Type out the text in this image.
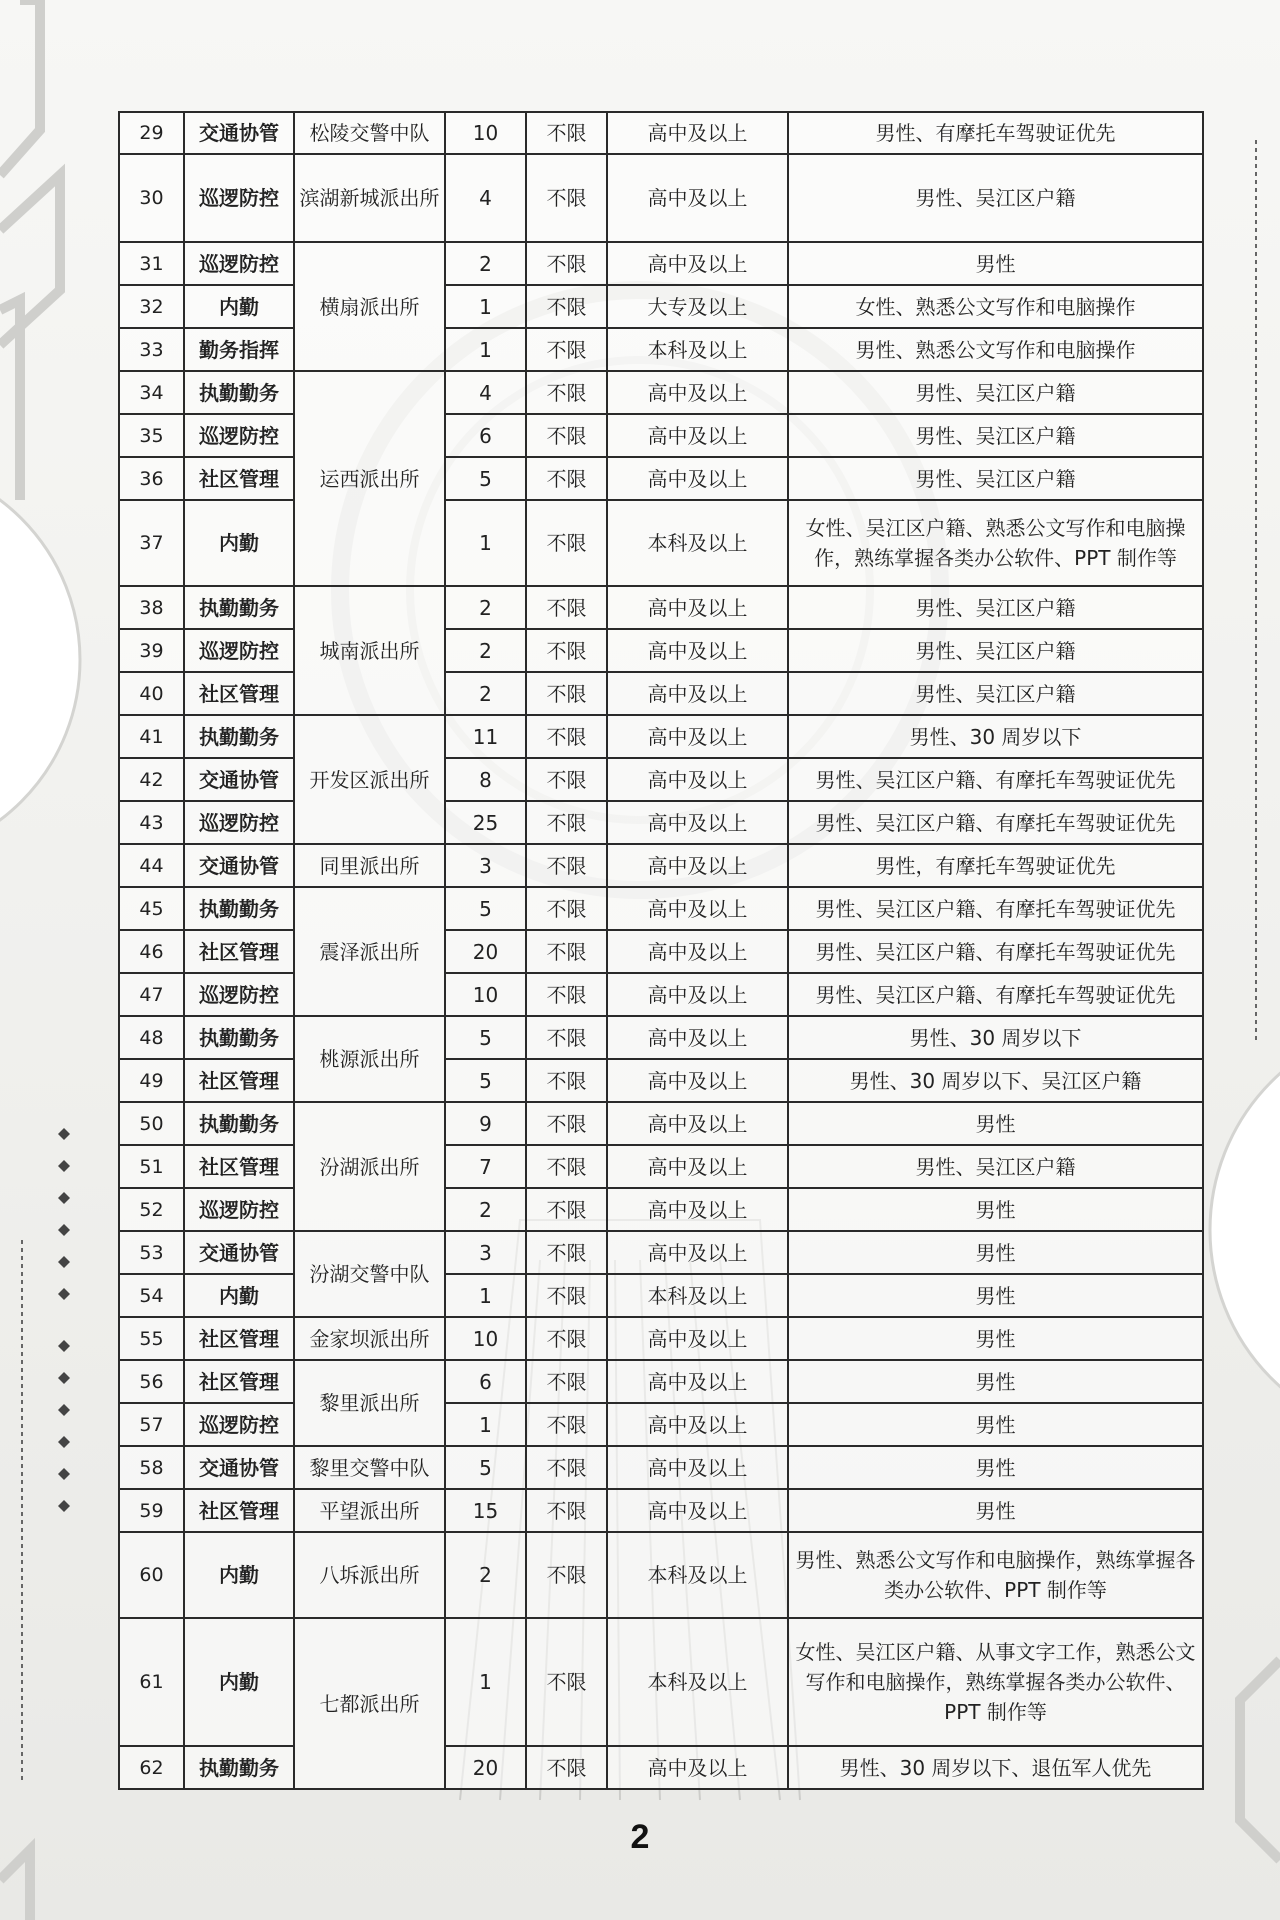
29	交通协管	松陵交警中队	10	不限	高中及以上	男性、有摩托车驾驶证优先
30	巡逻防控	滨湖新城派出所	4	不限	高中及以上	男性、吴江区户籍
31	巡逻防控	横扇派出所	2	不限	高中及以上	男性
32	内勤		1	不限	大专及以上	女性、熟悉公文写作和电脑操作
33	勤务指挥		1	不限	本科及以上	男性、熟悉公文写作和电脑操作
34	执勤勤务	运西派出所	4	不限	高中及以上	男性、吴江区户籍
35	巡逻防控		6	不限	高中及以上	男性、吴江区户籍
36	社区管理		5	不限	高中及以上	男性、吴江区户籍
37	内勤		1	不限	本科及以上	女性、吴江区户籍、熟悉公文写作和电脑操作，熟练掌握各类办公软件、PPT 制作等
38	执勤勤务	城南派出所	2	不限	高中及以上	男性、吴江区户籍
39	巡逻防控		2	不限	高中及以上	男性、吴江区户籍
40	社区管理		2	不限	高中及以上	男性、吴江区户籍
41	执勤勤务	开发区派出所	11	不限	高中及以上	男性、30 周岁以下
42	交通协管		8	不限	高中及以上	男性、吴江区户籍、有摩托车驾驶证优先
43	巡逻防控		25	不限	高中及以上	男性、吴江区户籍、有摩托车驾驶证优先
44	交通协管	同里派出所	3	不限	高中及以上	男性，有摩托车驾驶证优先
45	执勤勤务	震泽派出所	5	不限	高中及以上	男性、吴江区户籍、有摩托车驾驶证优先
46	社区管理		20	不限	高中及以上	男性、吴江区户籍、有摩托车驾驶证优先
47	巡逻防控		10	不限	高中及以上	男性、吴江区户籍、有摩托车驾驶证优先
48	执勤勤务	桃源派出所	5	不限	高中及以上	男性、30 周岁以下
49	社区管理		5	不限	高中及以上	男性、30 周岁以下、吴江区户籍
50	执勤勤务	汾湖派出所	9	不限	高中及以上	男性
51	社区管理		7	不限	高中及以上	男性、吴江区户籍
52	巡逻防控		2	不限	高中及以上	男性
53	交通协管	汾湖交警中队	3	不限	高中及以上	男性
54	内勤		1	不限	本科及以上	男性
55	社区管理	金家坝派出所	10	不限	高中及以上	男性
56	社区管理	黎里派出所	6	不限	高中及以上	男性
57	巡逻防控		1	不限	高中及以上	男性
58	交通协管	黎里交警中队	5	不限	高中及以上	男性
59	社区管理	平望派出所	15	不限	高中及以上	男性
60	内勤	八坼派出所	2	不限	本科及以上	男性、熟悉公文写作和电脑操作，熟练掌握各类办公软件、PPT 制作等
61	内勤	七都派出所	1	不限	本科及以上	女性、吴江区户籍、从事文字工作，熟悉公文写作和电脑操作，熟练掌握各类办公软件、PPT 制作等
62	执勤勤务		20	不限	高中及以上	男性、30 周岁以下、退伍军人优先
2
